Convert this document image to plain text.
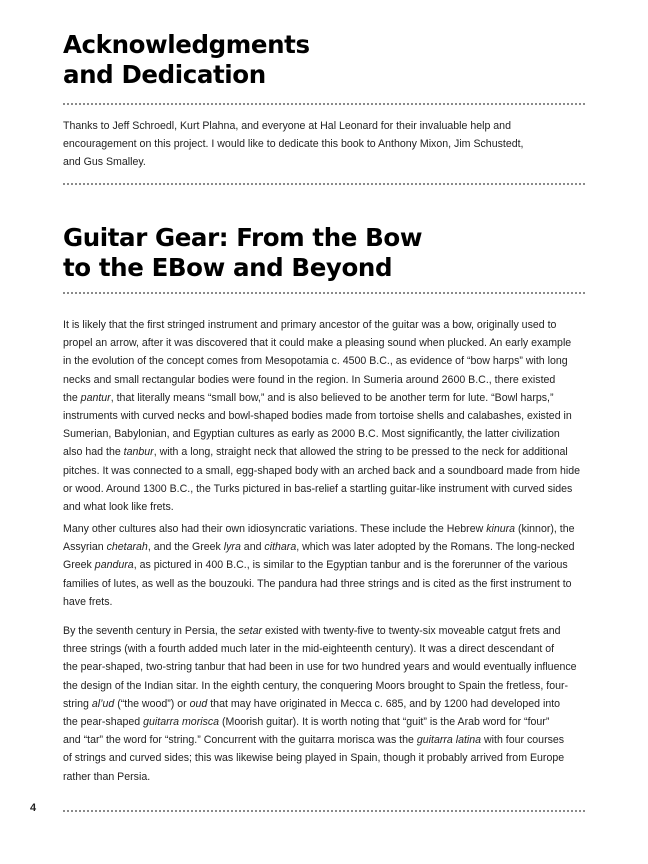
Acknowledgments
and Dedication

Thanks to Jeff Schroedl, Kurt Plahna, and everyone at Hal Leonard for their invaluable help and
encouragement on this project. I would like to dedicate this book to Anthony Mixon, Jim Schustedt,
and Gus Smalley.

Guitar Gear: From the Bow
to the EBow and Beyond

It is likely that the first stringed instrument and primary ancestor of the guitar was a bow, originally used to
propel an arrow, after it was discovered that it could make a pleasing sound when plucked. An early example
in the evolution of the concept comes from Mesopotamia c. 4500 B.C., as evidence of “bow harps” with long
necks and small rectangular bodies were found in the region. In Sumeria around 2600 B.C., there existed
the pantur, that literally means “small bow,” and is also believed to be another term for lute. “Bowl harps,”
instruments with curved necks and bowl-shaped bodies made from tortoise shells and calabashes, existed in
Sumerian, Babylonian, and Egyptian cultures as early as 2000 B.C. Most significantly, the latter civilization
also had the tanbur, with a long, straight neck that allowed the string to be pressed to the neck for additional
pitches. It was connected to a small, egg-shaped body with an arched back and a soundboard made from hide
or wood. Around 1300 B.C., the Turks pictured in bas-relief a startling guitar-like instrument with curved sides
and what look like frets.

Many other cultures also had their own idiosyncratic variations. These include the Hebrew kinura (kinnor), the
Assyrian chetarah, and the Greek lyra and cithara, which was later adopted by the Romans. The long-necked
Greek pandura, as pictured in 400 B.C., is similar to the Egyptian tanbur and is the forerunner of the various
families of lutes, as well as the bouzouki. The pandura had three strings and is cited as the first instrument to
have frets.

By the seventh century in Persia, the setar existed with twenty-five to twenty-six moveable catgut frets and
three strings (with a fourth added much later in the mid-eighteenth century). It was a direct descendant of
the pear-shaped, two-string tanbur that had been in use for two hundred years and would eventually influence
the design of the Indian sitar. In the eighth century, the conquering Moors brought to Spain the fretless, four-
string al’ud (“the wood”) or oud that may have originated in Mecca c. 685, and by 1200 had developed into
the pear-shaped guitarra morisca (Moorish guitar). It is worth noting that “guit” is the Arab word for “four”
and “tar” the word for “string.” Concurrent with the guitarra morisca was the guitarra latina with four courses
of strings and curved sides; this was likewise being played in Spain, though it probably arrived from Europe
rather than Persia.

4
